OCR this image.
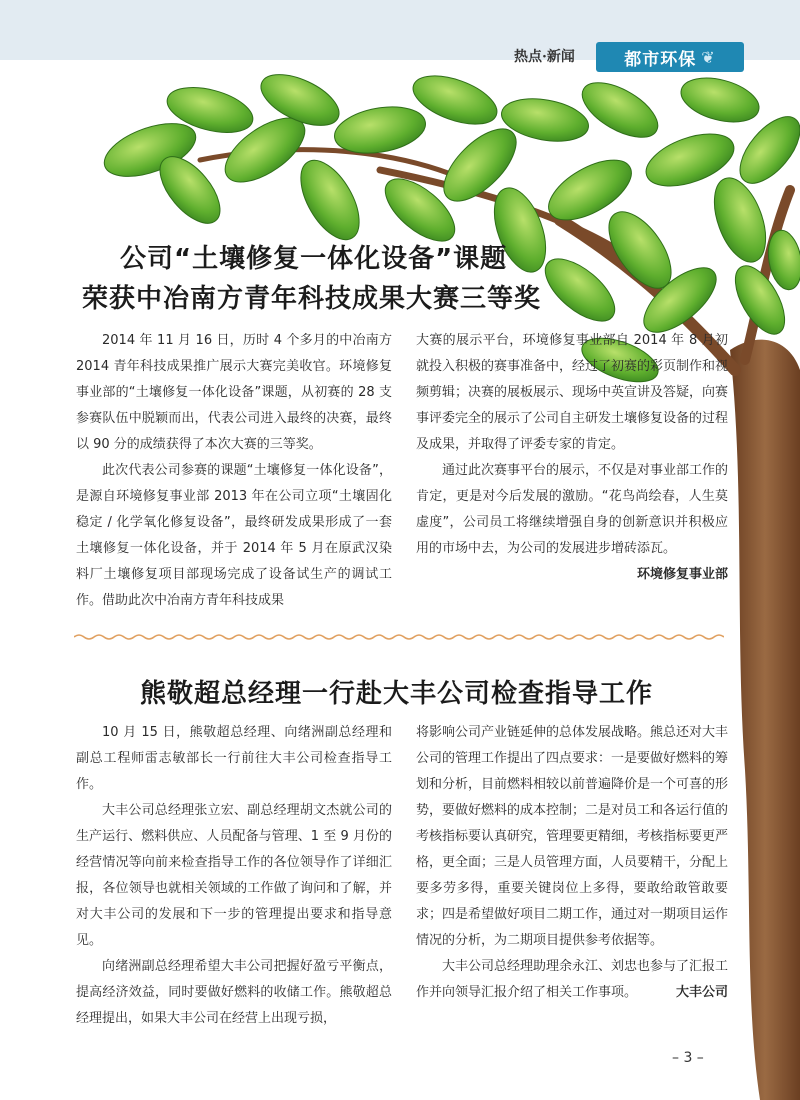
热点·新闻	都市环保 ❦
公司“土壤修复一体化设备”课题
荣获中冶南方青年科技成果大赛三等奖

2014 年 11 月 16 日，历时 4 个多月的中冶南方 2014 青年科技成果推广展示大赛完美收官。环境修复事业部的“土壤修复一体化设备”课题，从初赛的 28 支参赛队伍中脱颖而出，代表公司进入最终的决赛，最终以 90 分的成绩获得了本次大赛的三等奖。

此次代表公司参赛的课题“土壤修复一体化设备”，是源自环境修复事业部 2013 年在公司立项“土壤固化稳定 / 化学氧化修复设备”，最终研发成果形成了一套土壤修复一体化设备，并于 2014 年 5 月在原武汉染料厂土壤修复项目部现场完成了设备试生产的调试工作。借助此次中冶南方青年科技成果

大赛的展示平台，环境修复事业部自 2014 年 8 月初就投入积极的赛事准备中，经过了初赛的彩页制作和视频剪辑；决赛的展板展示、现场中英宣讲及答疑，向赛事评委完全的展示了公司自主研发土壤修复设备的过程及成果，并取得了评委专家的肯定。

通过此次赛事平台的展示，不仅是对事业部工作的肯定，更是对今后发展的激励。“花鸟尚绘春，人生莫虚度”，公司员工将继续增强自身的创新意识并积极应用的市场中去，为公司的发展进步增砖添瓦。

环境修复事业部
熊敬超总经理一行赴大丰公司检查指导工作

10 月 15 日，熊敬超总经理、向绪洲副总经理和副总工程师雷志敏部长一行前往大丰公司检查指导工作。

大丰公司总经理张立宏、副总经理胡文杰就公司的生产运行、燃料供应、人员配备与管理、1 至 9 月份的经营情况等向前来检查指导工作的各位领导作了详细汇报，各位领导也就相关领域的工作做了询问和了解，并对大丰公司的发展和下一步的管理提出要求和指导意见。

向绪洲副总经理希望大丰公司把握好盈亏平衡点，提高经济效益，同时要做好燃料的收储工作。熊敬超总经理提出，如果大丰公司在经营上出现亏损，

将影响公司产业链延伸的总体发展战略。熊总还对大丰公司的管理工作提出了四点要求：一是要做好燃料的筹划和分析，目前燃料相较以前普遍降价是一个可喜的形势，要做好燃料的成本控制；二是对员工和各运行值的考核指标要认真研究，管理要更精细，考核指标要更严格，更全面；三是人员管理方面，人员要精干，分配上要多劳多得，重要关键岗位上多得，要敢给敢管敢要求；四是希望做好项目二期工作，通过对一期项目运作情况的分析，为二期项目提供参考依据等。

大丰公司总经理助理余永江、刘忠也参与了汇报工作并向领导汇报介绍了相关工作事项。	大丰公司

– 3 –
